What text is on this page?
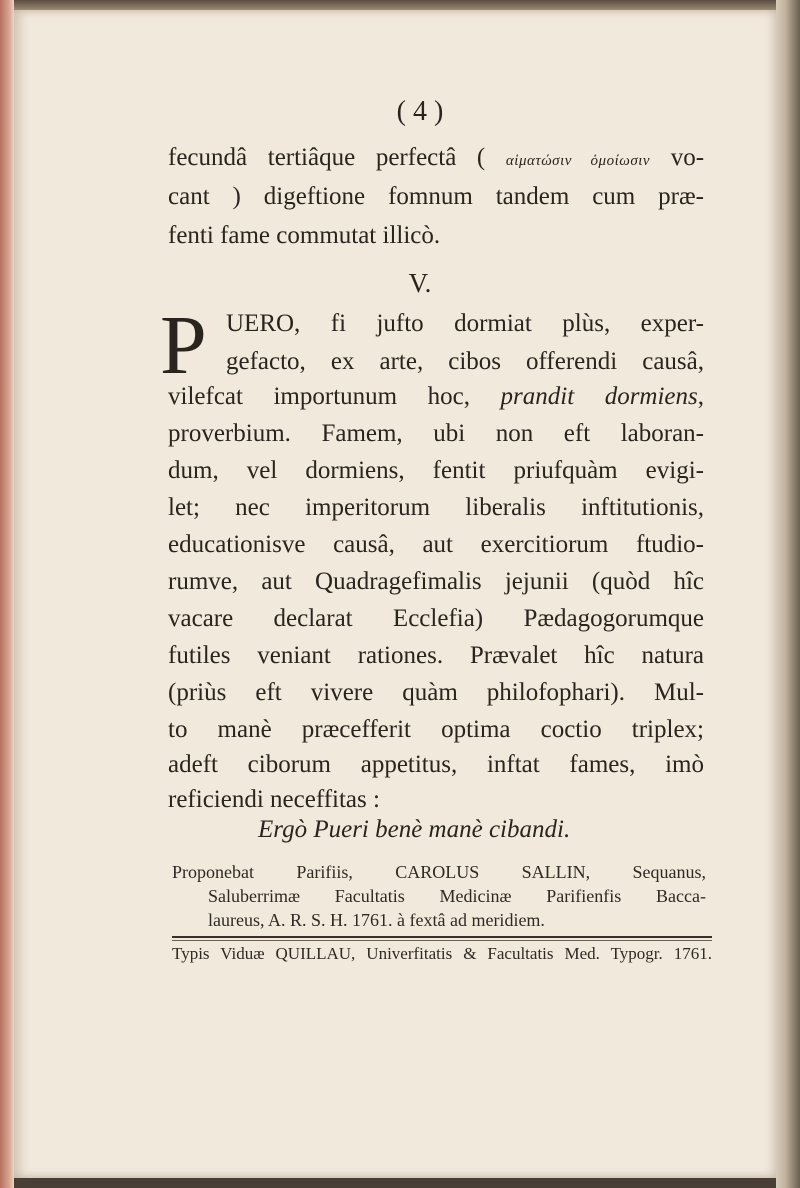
( 4 )

fecundâ tertiâque perfectâ ( αἱματώσιν ὁμοίωσιν vo-

cant ) digeftione fomnum tandem cum præ-

fenti fame commutat illicò.

V.
P UERO, fi jufto dormiat plùs, exper-

gefacto, ex arte, cibos offerendi causâ,

vilefcat importunum hoc, prandit dormiens,

proverbium. Famem, ubi non eft laboran-

dum, vel dormiens, fentit priufquàm evigi-

let; nec imperitorum liberalis inftitutionis,

educationisve causâ, aut exercitiorum ftudio-

rumve, aut Quadragefimalis jejunii (quòd hîc

vacare declarat Ecclefia) Pædagogorumque

futiles veniant rationes. Prævalet hîc natura

(priùs eft vivere quàm philofophari). Mul-

to manè præcefferit optima coctio triplex;

adeft ciborum appetitus, inftat fames, imò

reficiendi neceffitas :

Ergò Pueri benè manè cibandi.
Proponebat Parifiis, CAROLUS SALLIN, Sequanus,
Saluberrimæ Facultatis Medicinæ Parifienfis Bacca-
laureus, A. R. S. H. 1761. à fextâ ad meridiem.
Typis Viduæ QUILLAU, Univerfitatis & Facultatis Med. Typogr. 1761.
